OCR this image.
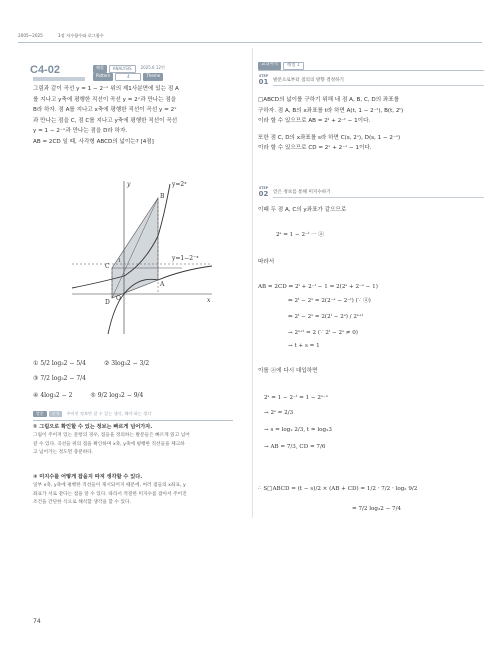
2005~2025	1장 지수함수와 로그함수
C4-02	해설	ANALYSIS	2025.6 12번
Pattern	4	Theme
그림과 같이 곡선 y = 1 − 2⁻ˣ 위의 제1사분면에 있는 점 A
를 지나고 y축에 평행한 직선이 곡선 y = 2ˣ과 만나는 점을
B라 하자. 점 A를 지나고 x축에 평행한 직선이 곡선 y = 2ˣ
과 만나는 점을 C, 점 C를 지나고 y축에 평행한 직선이 곡선
y = 1 − 2⁻ˣ과 만나는 점을 D라 하자.
AB = 2CD 일 때, 사각형 ABCD의 넓이는? [4점]
y=2ˣ
y=1−2⁻ˣ
B
C
A
D
O	x
y
1
① 5/2 log₃2 − 5/4	② 3log₃2 − 3/2
③ 7/2 log₃2 − 7/4
④ 4log₃2 − 2	⑤ 9/2 log₃2 − 9/4
발문	분석	주어진 정보만 잘 수 있는 생각, 해야 하는 생각
① 그림으로 확인할 수 있는 정보는 빠르게 넘어가자.
그림이 주어져 있는 문항의 경우, 점들을 정의하는 발문들은 빠르게 읽고 넘어
갈 수 있다. 곡선들 위의 점을 확인하며 x축, y축에 평행한 직선들을 체크하
고 넘어가는 정도면 충분하다.
② 미지수를 어떻게 잡을지 따져 생각할 수 있다.
일부 x축, y축에 평행한 직선들이 제시되어지 때문에, 여러 점들의 x좌표, y
좌표가 서로 같다는 점을 알 수 있다. 따라서 적절한 미지수를 잡아서 주어진
조건을 간단한 식으로 해석할 생각을 할 수 있다.
74
교과서적	해법 1
STEP
01 발문으로부터 점의의 방향 결정하기
□ABCD의 넓이를 구하기 위해 네 점 A, B, C, D의 좌표를
구하자. 점 A, B의 x좌표를 t라 하면 A(t, 1 − 2⁻ᵗ), B(t, 2ᵗ)
이라 할 수 있으므로 AB = 2ᵗ + 2⁻ᵗ − 1이다.
또한 점 C, D의 x좌표를 s라 하면 C(s, 2ˢ), D(s, 1 − 2⁻ˢ)
이라 할 수 있으므로 CD = 2ˢ + 2⁻ˢ − 1이다.
STEP
02 얻은 정보를 통해 미지수하기
이때 두 점 A, C의 y좌표가 같으므로
2ˢ = 1 − 2⁻ᵗ ⋯ ⓐ
따라서
AB = 2CD ⇔ 2ᵗ + 2⁻ᵗ − 1 = 2(2ˢ + 2⁻ˢ − 1)
⇔ 2ᵗ − 2ˢ = 2(2⁻ˢ − 2⁻ᵗ) (∵ ⓐ)
⇔ 2ᵗ − 2ˢ = 2(2ᵗ − 2ˢ) / 2ˢ⁺ᵗ
→ 2ˢ⁺ᵗ = 2 (∵ 2ᵗ − 2ˢ ≠ 0)
→ t + s = 1
이를 ⓐ에 다시 대입하면
2ˢ = 1 − 2⁻ᵗ = 1 − 2ˢ⁻¹
→ 2ˢ = 2/3
→ s = log₂ 2/3, t = log₂3
→ AB = 7/3, CD = 7/6
∴ S□ABCD = (t − s)/2 × (AB + CD) = 1/2 · 7/2 · log₂ 9/2
= 7/2 log₃2 − 7/4
